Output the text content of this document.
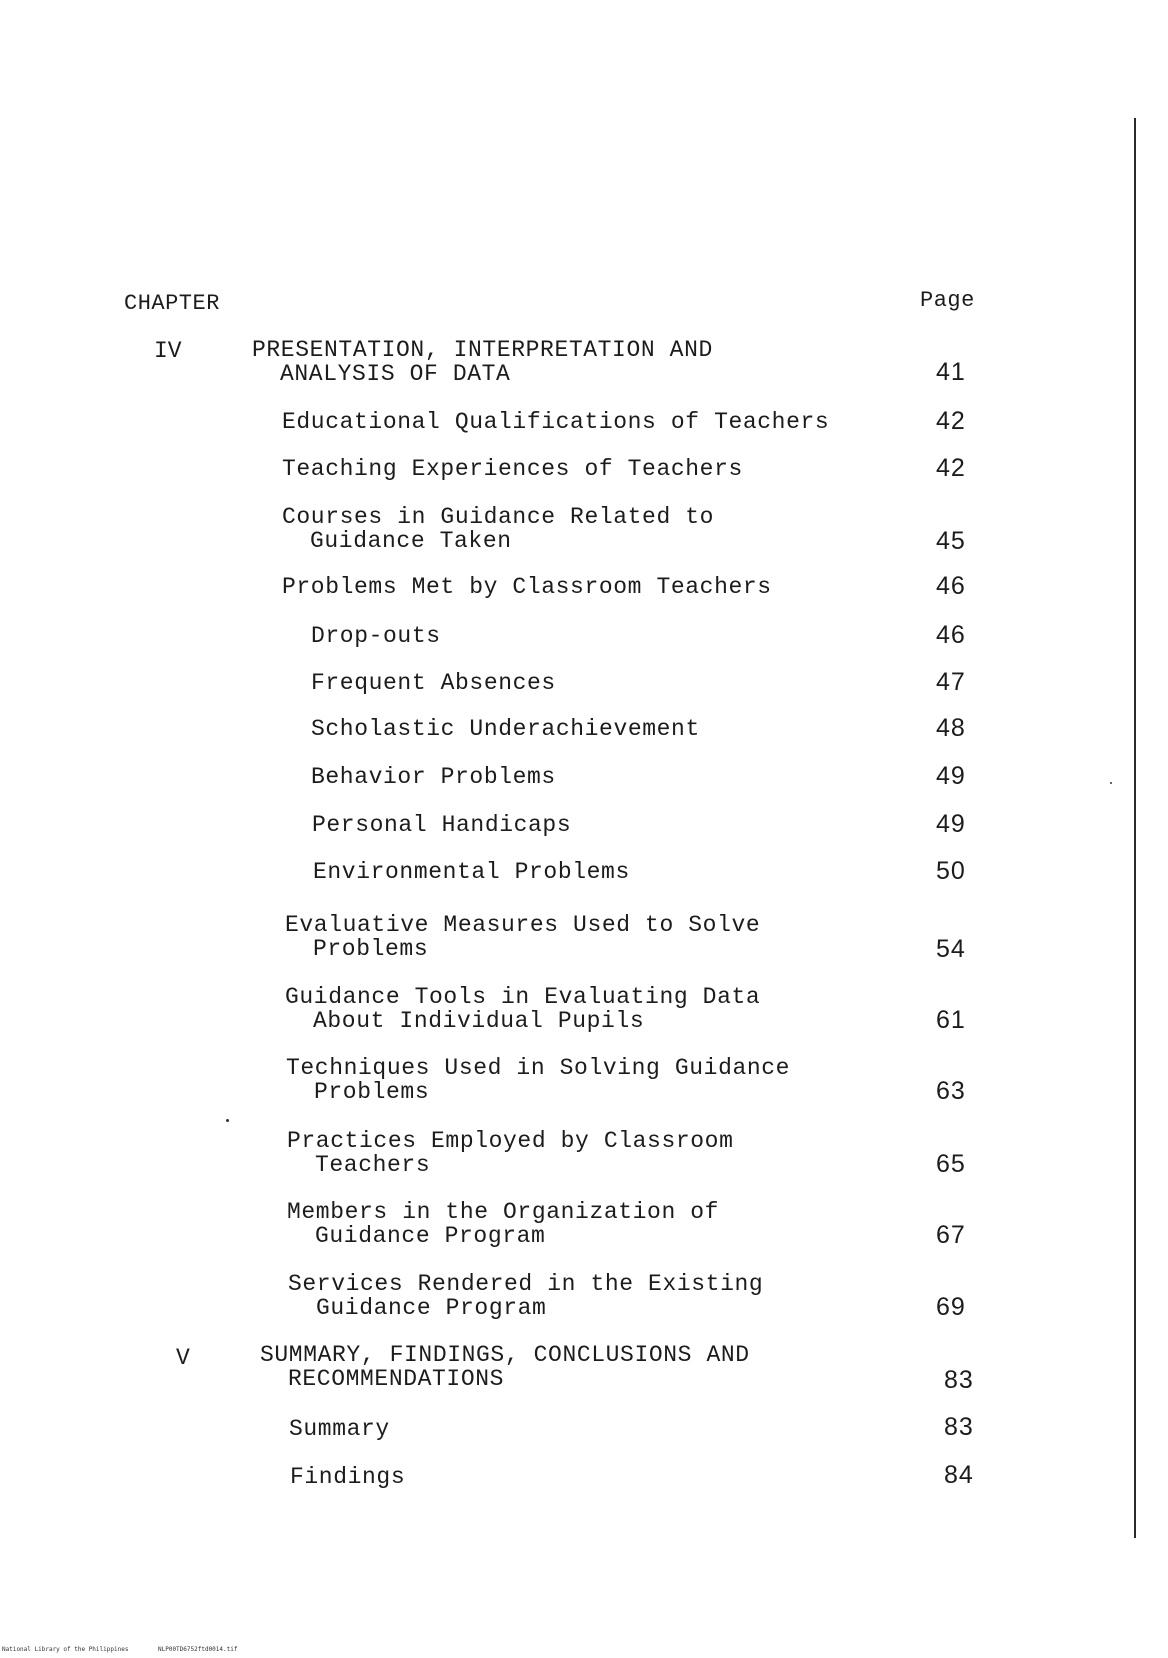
CHAPTER	Page
IV	PRESENTATION, INTERPRETATION AND
ANALYSIS OF DATA	41
Educational Qualifications of Teachers	42
Teaching Experiences of Teachers	42
Courses in Guidance Related to
Guidance Taken	45
Problems Met by Classroom Teachers	46
Drop-outs	46
Frequent Absences	47
Scholastic Underachievement	48
Behavior Problems	49
Personal Handicaps	49
Environmental Problems	50
Evaluative Measures Used to Solve
Problems	54
Guidance Tools in Evaluating Data
About Individual Pupils	61
Techniques Used in Solving Guidance
Problems	63
Practices Employed by Classroom
Teachers	65
Members in the Organization of
Guidance Program	67
Services Rendered in the Existing
Guidance Program	69
V	SUMMARY, FINDINGS, CONCLUSIONS AND
RECOMMENDATIONS	83
Summary	83
Findings	84
National Library of the Philippines	NLP00TD6752ftd0014.tif
